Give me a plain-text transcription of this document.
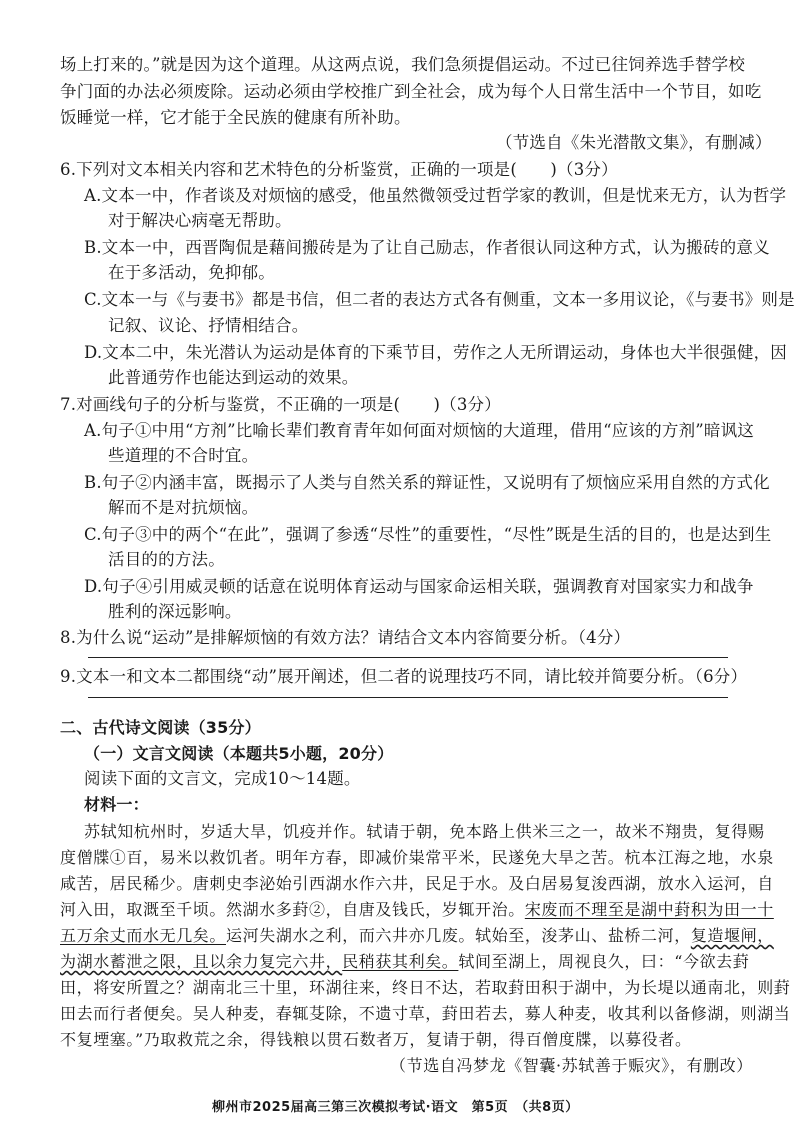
场上打来的。”就是因为这个道理。从这两点说，我们急须提倡运动。不过已往饲养选手替学校
争门面的办法必须废除。运动必须由学校推广到全社会，成为每个人日常生活中一个节目，如吃
饭睡觉一样，它才能于全民族的健康有所补助。
（节选自《朱光潜散文集》，有删减）
6.下列对文本相关内容和艺术特色的分析鉴赏，正确的一项是(　　)（3分）
A.文本一中，作者谈及对烦恼的感受，他虽然微领受过哲学家的教训，但是忧来无方，认为哲学
对于解决心病毫无帮助。
B.文本一中，西晋陶侃是藉间搬砖是为了让自己励志，作者很认同这种方式，认为搬砖的意义
在于多活动，免抑郁。
C.文本一与《与妻书》都是书信，但二者的表达方式各有侧重，文本一多用议论，《与妻书》则是
记叙、议论、抒情相结合。
D.文本二中，朱光潜认为运动是体育的下乘节目，劳作之人无所谓运动，身体也大半很强健，因
此普通劳作也能达到运动的效果。
7.对画线句子的分析与鉴赏，不正确的一项是(　　)（3分）
A.句子①中用“方剂”比喻长辈们教育青年如何面对烦恼的大道理，借用“应该的方剂”暗讽这
些道理的不合时宜。
B.句子②内涵丰富，既揭示了人类与自然关系的辩证性，又说明有了烦恼应采用自然的方式化
解而不是对抗烦恼。
C.句子③中的两个“在此”，强调了参透“尽性”的重要性，“尽性”既是生活的目的，也是达到生
活目的的方法。
D.句子④引用威灵顿的话意在说明体育运动与国家命运相关联，强调教育对国家实力和战争
胜利的深远影响。
8.为什么说“运动”是排解烦恼的有效方法？请结合文本内容简要分析。（4分）
9.文本一和文本二都围绕“动”展开阐述，但二者的说理技巧不同，请比较并简要分析。（6分）
二、古代诗文阅读（35分）
（一）文言文阅读（本题共5小题，20分）
阅读下面的文言文，完成10～14题。
材料一：
苏轼知杭州时，岁适大旱，饥疫并作。轼请于朝，免本路上供米三之一，故米不翔贵，复得赐
度僧牒①百，易米以救饥者。明年方春，即减价粜常平米，民遂免大旱之苦。杭本江海之地，水泉
咸苦，居民稀少。唐刺史李泌始引西湖水作六井，民足于水。及白居易复浚西湖，放水入运河，自
河入田，取溉至千顷。然湖水多葑②，自唐及钱氏，岁辄开治。宋废而不理至是湖中葑积为田一十
五万余丈而水无几矣。运河失湖水之利，而六井亦几废。轼始至，浚茅山、盐桥二河，复造堰闸，
为湖水蓄泄之限，且以余力复完六井，民稍获其利矣。轼间至湖上，周视良久，曰：“今欲去葑
田，将安所置之？湖南北三十里，环湖往来，终日不达，若取葑田积于湖中，为长堤以通南北，则葑
田去而行者便矣。吴人种麦，春辄芟除，不遗寸草，葑田若去，募人种麦，收其利以备修湖，则湖当
不复堙塞。”乃取救荒之余，得钱粮以贯石数者万，复请于朝，得百僧度牒，以募役者。
（节选自冯梦龙《智囊·苏轼善于赈灾》，有删改）
柳州市2025届高三第三次模拟考试·语文　第5页　（共8页）
